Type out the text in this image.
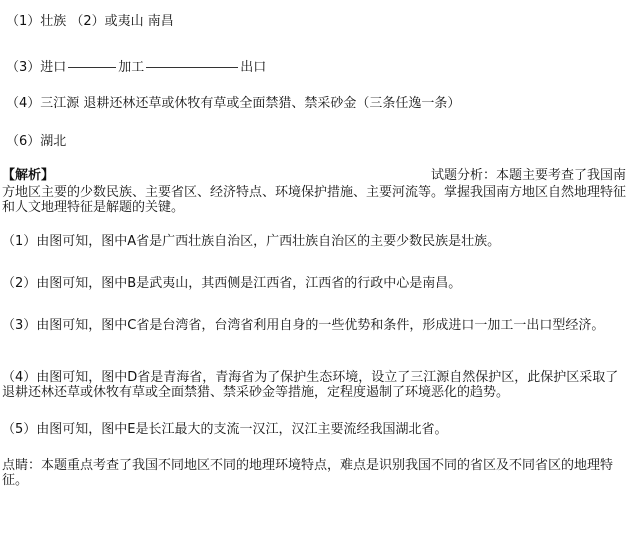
（1）壮族 （2）或夷山 南昌
（3）进口	加工	出口
（4）三江源 退耕还林还草或休牧有草或全面禁猎、禁采砂金（三条任逸一条）
（6）湖北
【解析】	试题分析：本题主要考查了我国南
方地区主要的少数民族、主要省区、经济特点、环境保护措施、主要河流等。掌握我国南方地区自然地理特征和人文地理特征是解题的关键。
（1）由图可知，图中A省是广西壮族自治区，广西壮族自治区的主要少数民族是壮族。
（2）由图可知，图中B是武夷山，其西侧是江西省，江西省的行政中心是南昌。
（3）由图可知，图中C省是台湾省，台湾省利用自身的一些优势和条件，形成进口一加工一出口型经济。
（4）由图可知，图中D省是青海省，青海省为了保护生态环境，设立了三江源自然保护区，此保护区采取了退耕还林还草或休牧有草或全面禁猎、禁采砂金等措施，定程度遏制了环境恶化的趋势。
（5）由图可知，图中E是长江最大的支流一汉江，汉江主要流经我国湖北省。
点睛：本题重点考查了我国不同地区不同的地理环境特点，难点是识别我国不同的省区及不同省区的地理特征。
